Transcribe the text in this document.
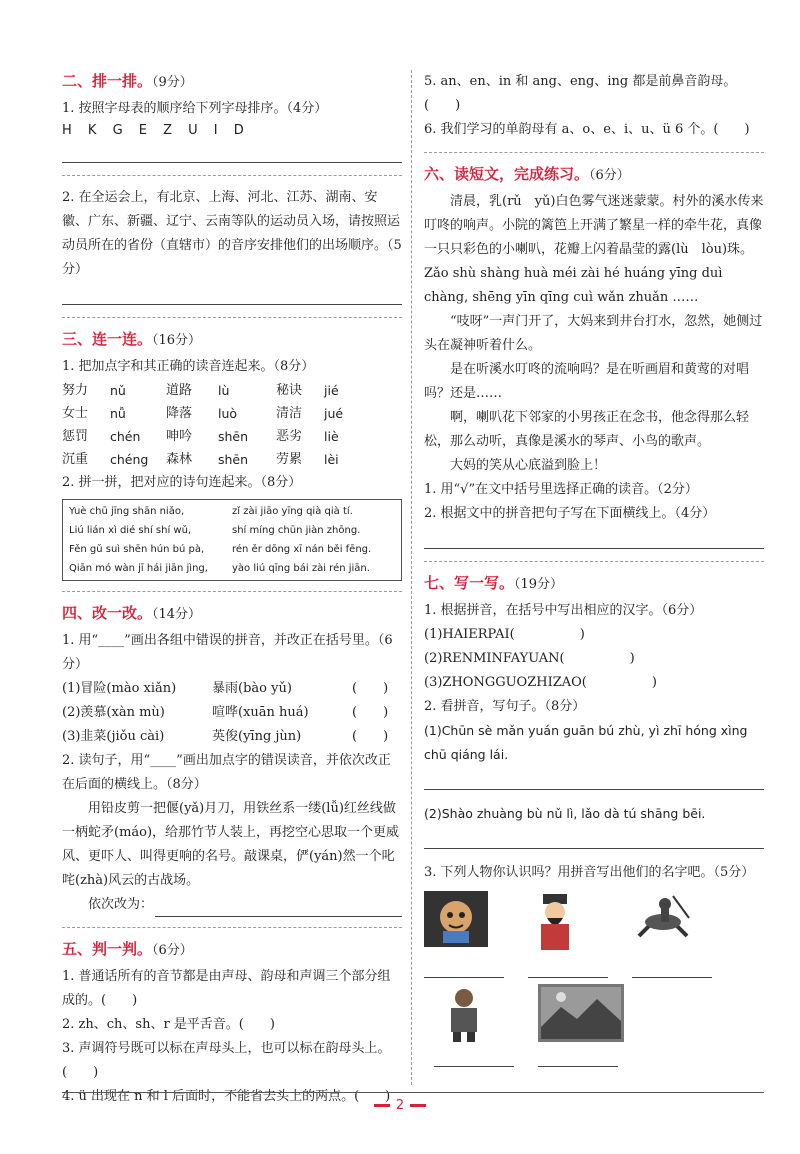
二、排一排。（9分）

1. 按照字母表的顺序给下列字母排序。（4分）

H K G E Z U I D

2. 在全运会上，有北京、上海、河北、江苏、湖南、安徽、广东、新疆、辽宁、云南等队的运动员入场，请按照运动员所在的省份（直辖市）的音序安排他们的出场顺序。（5分）

三、连一连。（16分）

1. 把加点字和其正确的读音连起来。（8分）

努力	nǔ	道路	lù	秘诀	jié
女士	nǚ	降落	luò	清洁	jué
惩罚	chén	呻吟	shēn	恶劣	liè
沉重	chéng	森林	shēn	劳累	lèi

2. 拼一拼，把对应的诗句连起来。（8分）

Yuè chū jīng shān niǎo,	zǐ zài jiāo yīng qià qià tí.
Liú lián xì dié shí shí wǔ,	shí míng chūn jiàn zhōng.
Fěn gǔ suì shēn hún bú pà,	rén ěr dōng xī nán běi fēng.
Qiān mó wàn jī hái jiān jìng,	yào liú qīng bái zài rén jiān.
四、改一改。（14分）

1. 用“____”画出各组中错误的拼音，并改正在括号里。（6分）

(1)冒险(mào xiǎn)	暴雨(bào yǔ)	(　　)
(2)羡慕(xàn mù)	喧哗(xuān huá)	(　　)
(3)韭菜(jiǒu cài)	英俊(yīng jùn)	(　　)

2. 读句子，用“____”画出加点字的错误读音，并依次改正在后面的横线上。（8分）

用铅皮剪一把偃(yǎ)月刀，用铁丝系一缕(lǚ)红丝线做一柄蛇矛(máo)，给那竹节人装上，再挖空心思取一个更威风、更吓人、叫得更响的名号。敲课桌，俨(yán)然一个叱咤(zhà)风云的古战场。

依次改为：
五、判一判。（6分）

1. 普通话所有的音节都是由声母、韵母和声调三个部分组成的。(　　)

2. zh、ch、sh、r 是平舌音。(　　)

3. 声调符号既可以标在声母头上，也可以标在韵母头上。(　　)

4. ü 出现在 n 和 l 后面时，不能省去头上的两点。(　　)

5. an、en、in 和 ang、eng、ing 都是前鼻音韵母。(　　)

6. 我们学习的单韵母有 a、o、e、i、u、ü 6 个。(　　)

六、读短文，完成练习。（6分）

清晨，乳(rǔ　yǔ)白色雾气迷迷蒙蒙。村外的溪水传来叮咚的响声。小院的篱笆上开满了繁星一样的牵牛花，真像一只只彩色的小喇叭，花瓣上闪着晶莹的露(lù　lòu)珠。Zǎo shù shàng huà méi zài hé huáng yīng duì chàng, shēng yīn qīng cuì wǎn zhuǎn ……

“吱呀”一声门开了，大妈来到井台打水，忽然，她侧过头在凝神听着什么。

是在听溪水叮咚的流响吗？是在听画眉和黄莺的对唱吗？还是……

啊，喇叭花下邻家的小男孩正在念书，他念得那么轻松，那么动听，真像是溪水的琴声、小鸟的歌声。

大妈的笑从心底溢到脸上！

1. 用“√”在文中括号里选择正确的读音。（2分）

2. 根据文中的拼音把句子写在下面横线上。（4分）

七、写一写。（19分）

1. 根据拼音，在括号中写出相应的汉字。（6分）

(1)HAIERPAI(　　　　　)

(2)RENMINFAYUAN(　　　　　)

(3)ZHONGGUOZHIZAO(　　　　　)

2. 看拼音，写句子。（8分）

(1)Chūn sè mǎn yuán guān bú zhù, yì zhī hóng xìng chū qiáng lái.

(2)Shào zhuàng bù nǔ lì, lǎo dà tú shāng bēi.

3. 下列人物你认识吗？用拼音写出他们的名字吧。（5分）

2
